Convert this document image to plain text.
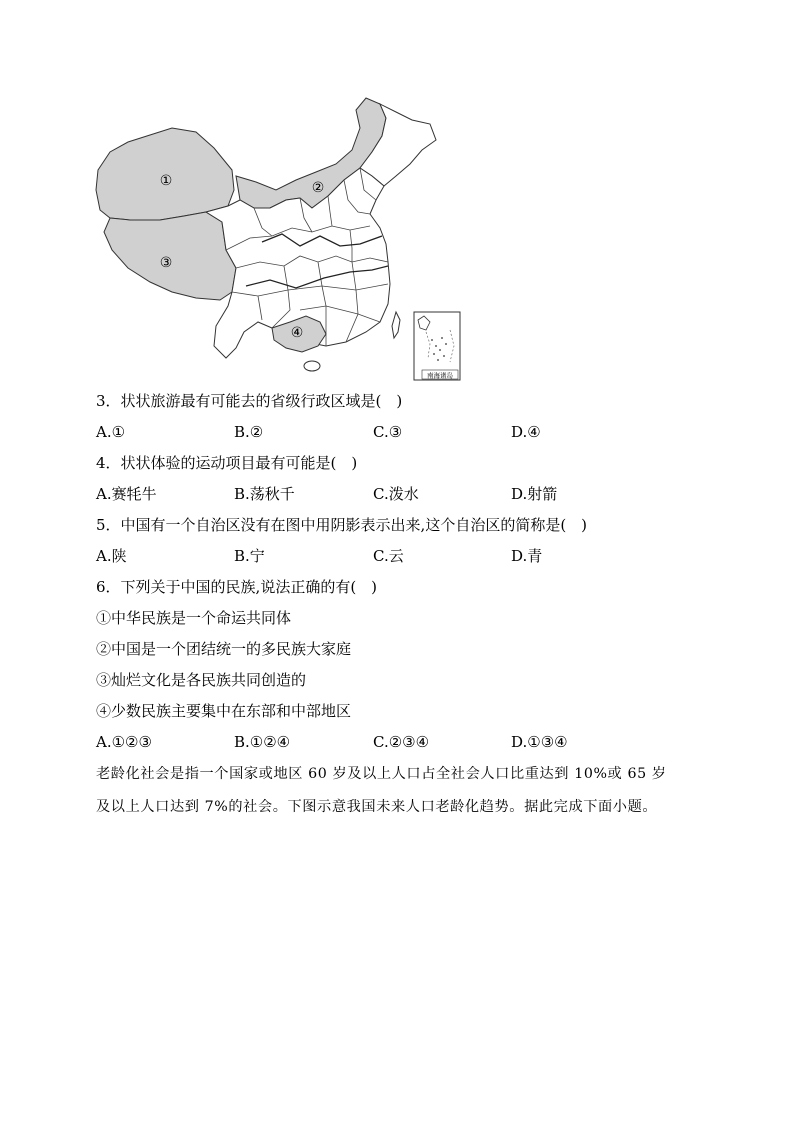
南海诸岛
①	②
③
④
3．状状旅游最有可能去的省级行政区域是(　)
A.①	B.②	C.③	D.④
4．状状体验的运动项目最有可能是(　)
A.赛牦牛	B.荡秋千	C.泼水	D.射箭
5．中国有一个自治区没有在图中用阴影表示出来,这个自治区的简称是(　)
A.陕	B.宁	C.云	D.青
6．下列关于中国的民族,说法正确的有(　)
①中华民族是一个命运共同体
②中国是一个团结统一的多民族大家庭
③灿烂文化是各民族共同创造的
④少数民族主要集中在东部和中部地区
A.①②③	B.①②④	C.②③④	D.①③④
老龄化社会是指一个国家或地区 60 岁及以上人口占全社会人口比重达到 10%或 65 岁
及以上人口达到 7%的社会。下图示意我国未来人口老龄化趋势。据此完成下面小题。
